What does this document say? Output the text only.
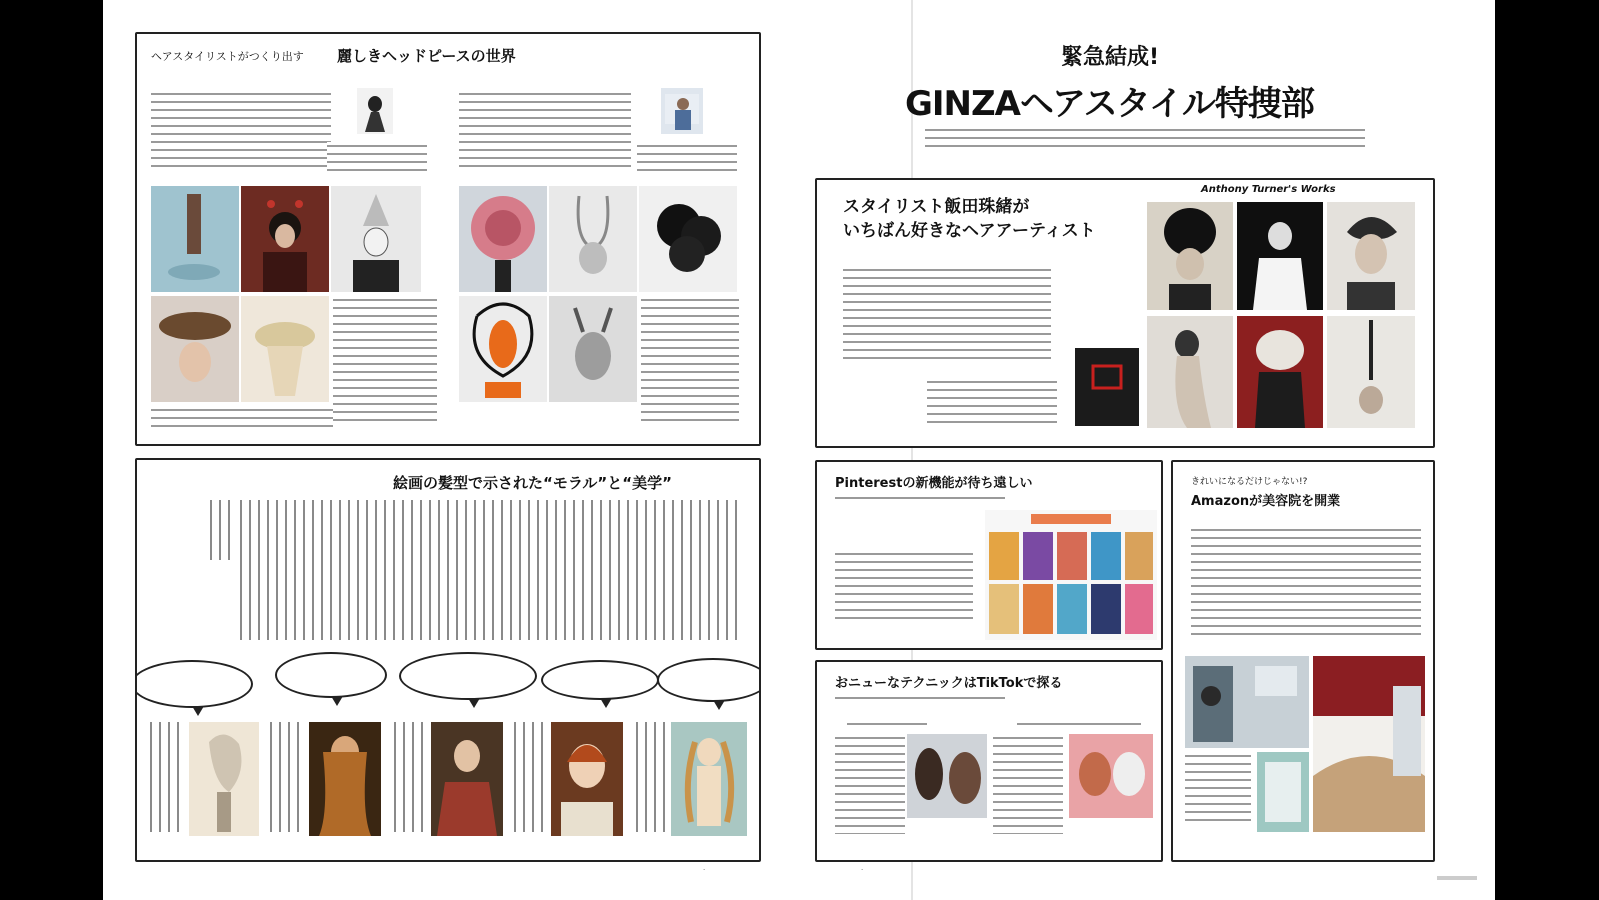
ヘアスタイリストがつくり出す 麗しきヘッドピースの世界
絵画の髪型で示された“モラル”と“美学”
·
緊急結成!
GINZAヘアスタイル特捜部
スタイリスト飯田珠緒が
いちばん好きなヘアアーティスト
Anthony Turner's Works
Pinterestの新機能が待ち遠しい
おニューなテクニックはTikTokで探る
きれいになるだけじゃない!?
Amazonが美容院を開業
·
